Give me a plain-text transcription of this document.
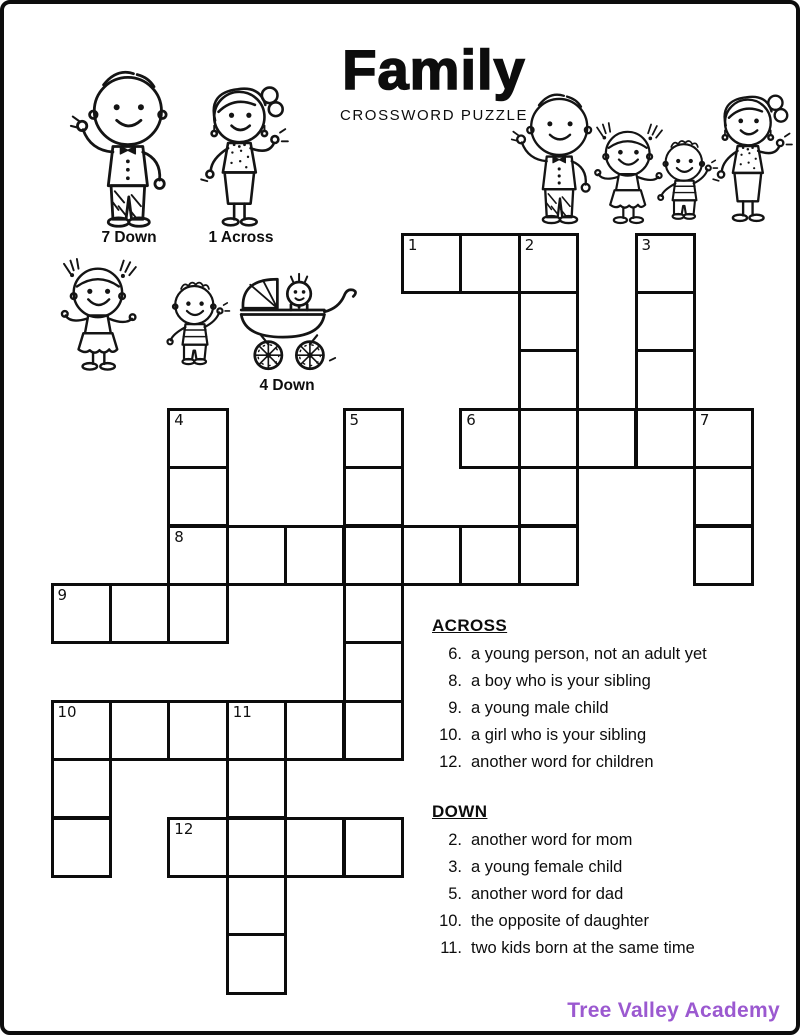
Family
CROSSWORD PUZZLE
7 Down	1 Across
4 Down
1	2	3
4	5	6	7
8
9
10	11
12
ACROSS
6. a young person, not an adult yet
8. a boy who is your sibling
9. a young male child
10. a girl who is your sibling
12. another word for children
DOWN
2. another word for mom
3. a young female child
5. another word for dad
10. the opposite of daughter
11. two kids born at the same time
Tree Valley Academy
